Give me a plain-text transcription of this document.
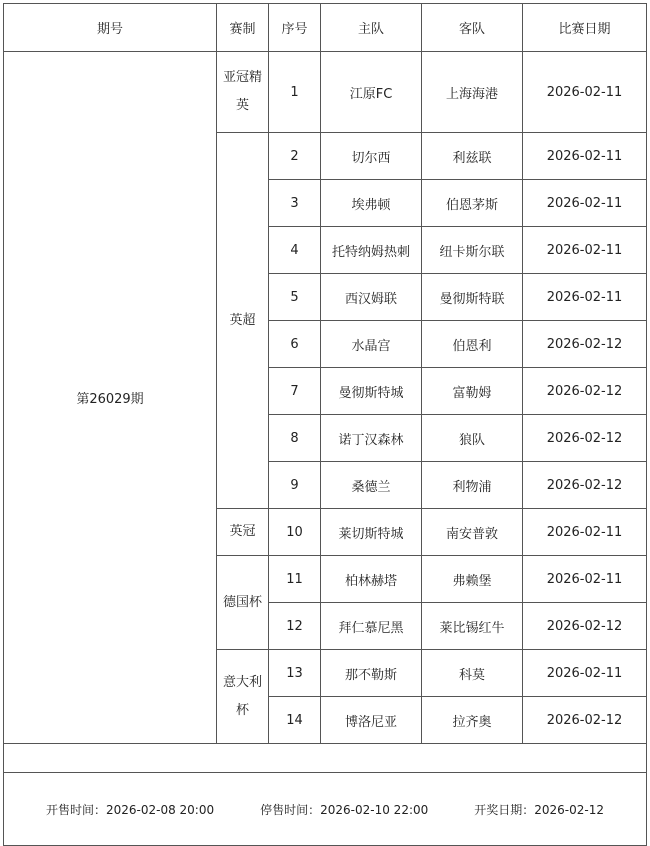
期号	赛制	序号	主队	客队	比赛日期
第26029期	亚冠精英	1	江原FC	上海海港	2026-02-11
	英超	2	切尔西	利兹联	2026-02-11
		3	埃弗顿	伯恩茅斯	2026-02-11
		4	托特纳姆热刺	纽卡斯尔联	2026-02-11
		5	西汉姆联	曼彻斯特联	2026-02-11
		6	水晶宫	伯恩利	2026-02-12
		7	曼彻斯特城	富勒姆	2026-02-12
		8	诺丁汉森林	狼队	2026-02-12
		9	桑德兰	利物浦	2026-02-12
	英冠	10	莱切斯特城	南安普敦	2026-02-11
	德国杯	11	柏林赫塔	弗赖堡	2026-02-11
		12	拜仁慕尼黑	莱比锡红牛	2026-02-12
	意大利杯	13	那不勒斯	科莫	2026-02-11
		14	博洛尼亚	拉齐奥	2026-02-12

开售时间：2026-02-08 20:00 停售时间：2026-02-10 22:00 开奖日期：2026-02-12					
